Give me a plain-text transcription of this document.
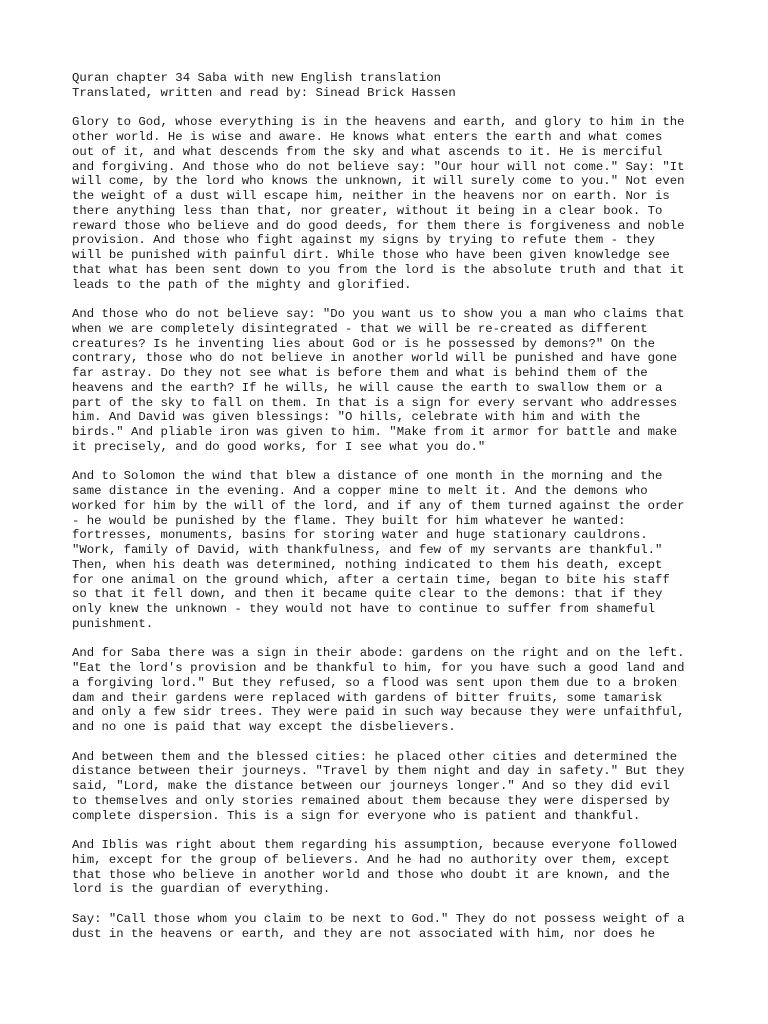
Quran chapter 34 Saba with new English translation
Translated, written and read by: Sinead Brick Hassen

Glory to God, whose everything is in the heavens and earth, and glory to him in the
other world. He is wise and aware. He knows what enters the earth and what comes
out of it, and what descends from the sky and what ascends to it. He is merciful
and forgiving. And those who do not believe say: "Our hour will not come." Say: "It
will come, by the lord who knows the unknown, it will surely come to you." Not even
the weight of a dust will escape him, neither in the heavens nor on earth. Nor is
there anything less than that, nor greater, without it being in a clear book. To
reward those who believe and do good deeds, for them there is forgiveness and noble
provision. And those who fight against my signs by trying to refute them - they
will be punished with painful dirt. While those who have been given knowledge see
that what has been sent down to you from the lord is the absolute truth and that it
leads to the path of the mighty and glorified.

And those who do not believe say: "Do you want us to show you a man who claims that
when we are completely disintegrated - that we will be re-created as different
creatures? Is he inventing lies about God or is he possessed by demons?" On the
contrary, those who do not believe in another world will be punished and have gone
far astray. Do they not see what is before them and what is behind them of the
heavens and the earth? If he wills, he will cause the earth to swallow them or a
part of the sky to fall on them. In that is a sign for every servant who addresses
him. And David was given blessings: "O hills, celebrate with him and with the
birds." And pliable iron was given to him. "Make from it armor for battle and make
it precisely, and do good works, for I see what you do."

And to Solomon the wind that blew a distance of one month in the morning and the
same distance in the evening. And a copper mine to melt it. And the demons who
worked for him by the will of the lord, and if any of them turned against the order
- he would be punished by the flame. They built for him whatever he wanted:
fortresses, monuments, basins for storing water and huge stationary cauldrons.
"Work, family of David, with thankfulness, and few of my servants are thankful."
Then, when his death was determined, nothing indicated to them his death, except
for one animal on the ground which, after a certain time, began to bite his staff
so that it fell down, and then it became quite clear to the demons: that if they
only knew the unknown - they would not have to continue to suffer from shameful
punishment.

And for Saba there was a sign in their abode: gardens on the right and on the left.
"Eat the lord's provision and be thankful to him, for you have such a good land and
a forgiving lord." But they refused, so a flood was sent upon them due to a broken
dam and their gardens were replaced with gardens of bitter fruits, some tamarisk
and only a few sidr trees. They were paid in such way because they were unfaithful,
and no one is paid that way except the disbelievers.

And between them and the blessed cities: he placed other cities and determined the
distance between their journeys. "Travel by them night and day in safety." But they
said, "Lord, make the distance between our journeys longer." And so they did evil
to themselves and only stories remained about them because they were dispersed by
complete dispersion. This is a sign for everyone who is patient and thankful.

And Iblis was right about them regarding his assumption, because everyone followed
him, except for the group of believers. And he had no authority over them, except
that those who believe in another world and those who doubt it are known, and the
lord is the guardian of everything.

Say: "Call those whom you claim to be next to God." They do not possess weight of a
dust in the heavens or earth, and they are not associated with him, nor does he
